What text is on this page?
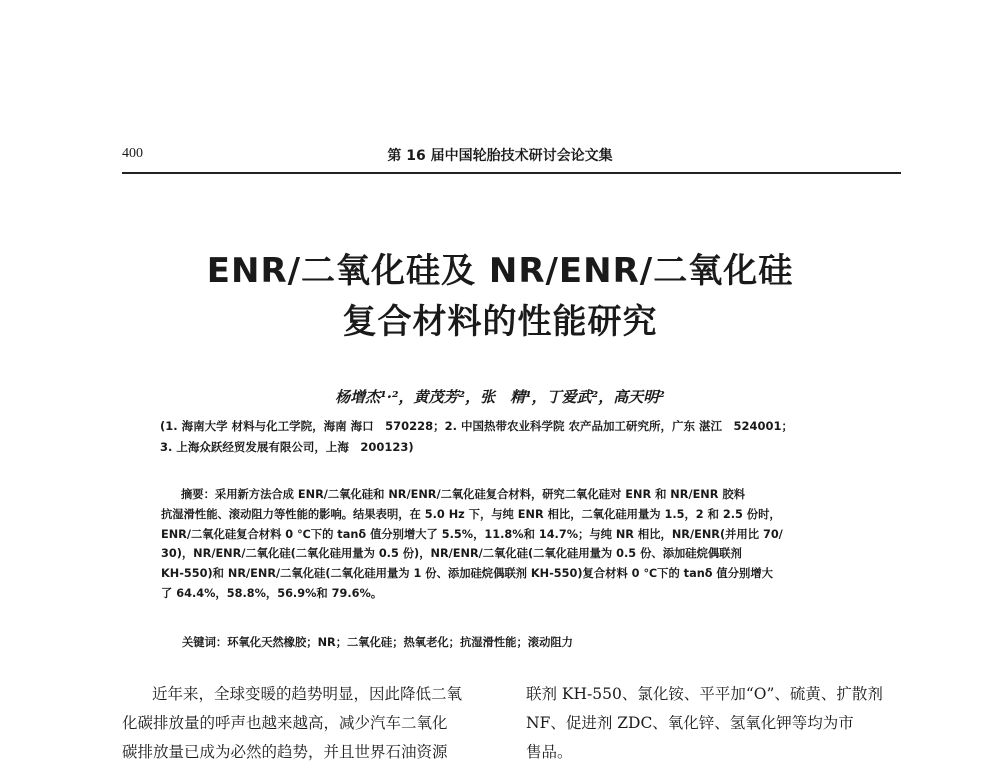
400	第 16 届中国轮胎技术研讨会论文集
ENR/二氧化硅及 NR/ENR/二氧化硅
复合材料的性能研究
杨增杰¹·²，黄茂芳²，张　精¹，丁爱武²，高天明²
(1. 海南大学 材料与化工学院，海南 海口　570228；2. 中国热带农业科学院 农产品加工研究所，广东 湛江　524001；
3. 上海众跃经贸发展有限公司，上海　200123)
摘要：采用新方法合成 ENR/二氧化硅和 NR/ENR/二氧化硅复合材料，研究二氧化硅对 ENR 和 NR/ENR 胶料
抗湿滑性能、滚动阻力等性能的影响。结果表明，在 5.0 Hz 下，与纯 ENR 相比，二氧化硅用量为 1.5，2 和 2.5 份时，
ENR/二氧化硅复合材料 0 ℃下的 tanδ 值分别增大了 5.5%，11.8%和 14.7%；与纯 NR 相比，NR/ENR(并用比 70/
30)，NR/ENR/二氧化硅(二氧化硅用量为 0.5 份)，NR/ENR/二氧化硅(二氧化硅用量为 0.5 份、添加硅烷偶联剂
KH-550)和 NR/ENR/二氧化硅(二氧化硅用量为 1 份、添加硅烷偶联剂 KH-550)复合材料 0 ℃下的 tanδ 值分别增大
了 64.4%，58.8%，56.9%和 79.6%。
关键词：环氧化天然橡胶；NR；二氧化硅；热氧老化；抗湿滑性能；滚动阻力
近年来，全球变暖的趋势明显，因此降低二氧
化碳排放量的呼声也越来越高，减少汽车二氧化
碳排放量已成为必然的趋势，并且世界石油资源
联剂 KH-550、氯化铵、平平加“O”、硫黄、扩散剂
NF、促进剂 ZDC、氧化锌、氢氧化钾等均为市
售品。
